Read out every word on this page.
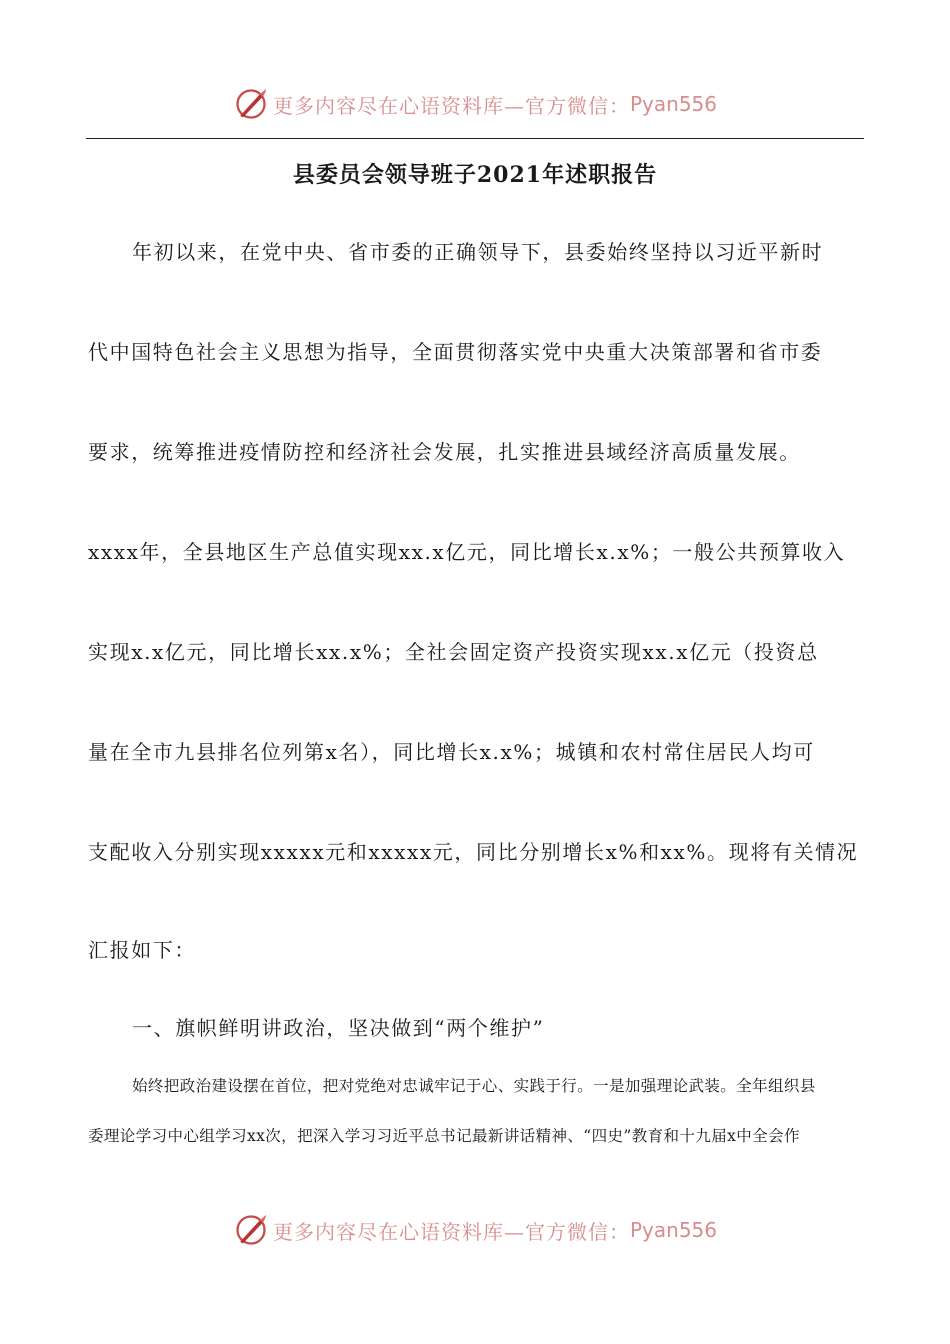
更多内容尽在心语资料库—官方微信： Pyan556
县委员会领导班子2021年述职报告
年初以来，在党中央、省市委的正确领导下，县委始终坚持以习近平新时
代中国特色社会主义思想为指导，全面贯彻落实党中央重大决策部署和省市委
要求，统筹推进疫情防控和经济社会发展，扎实推进县域经济高质量发展。
xxxx年，全县地区生产总值实现xx.x亿元，同比增长x.x%；一般公共预算收入
实现x.x亿元，同比增长xx.x%；全社会固定资产投资实现xx.x亿元（投资总
量在全市九县排名位列第x名），同比增长x.x%；城镇和农村常住居民人均可
支配收入分别实现xxxxx元和xxxxx元，同比分别增长x%和xx%。现将有关情况
汇报如下：
一、旗帜鲜明讲政治，坚决做到“两个维护”
始终把政治建设摆在首位，把对党绝对忠诚牢记于心、实践于行。一是加强理论武装。全年组织县
委理论学习中心组学习xx次，把深入学习习近平总书记最新讲话精神、“四史”教育和十九届x中全会作
更多内容尽在心语资料库—官方微信： Pyan556
